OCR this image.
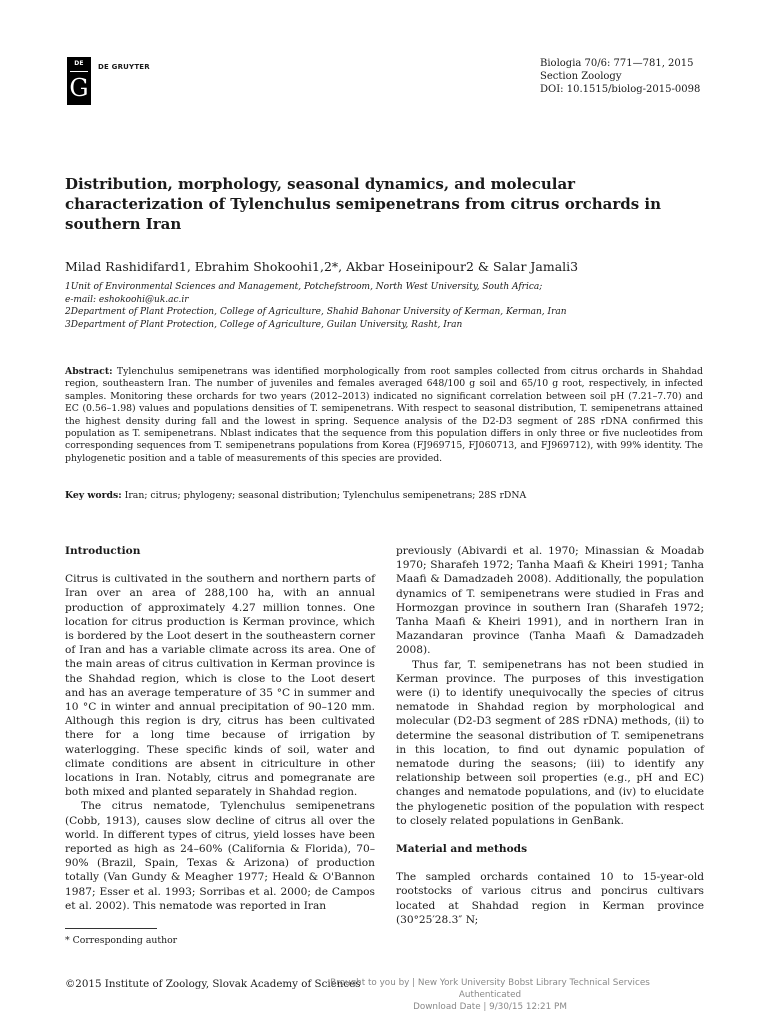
DE
G
DE GRUYTER	Biologia 70/6: 771—781, 2015
Section Zoology
DOI: 10.1515/biolog-2015-0098
Distribution, morphology, seasonal dynamics, and molecular characterization of Tylenchulus semipenetrans from citrus orchards in southern Iran
Milad Rashidifard1, Ebrahim Shokoohi1,2*, Akbar Hoseinipour2 & Salar Jamali3
1Unit of Environmental Sciences and Management, Potchefstroom, North West University, South Africa;
e-mail: eshokoohi@uk.ac.ir
2Department of Plant Protection, College of Agriculture, Shahid Bahonar University of Kerman, Kerman, Iran
3Department of Plant Protection, College of Agriculture, Guilan University, Rasht, Iran
Abstract: Tylenchulus semipenetrans was identified morphologically from root samples collected from citrus orchards in Shahdad region, southeastern Iran. The number of juveniles and females averaged 648/100 g soil and 65/10 g root, respectively, in infected samples. Monitoring these orchards for two years (2012–2013) indicated no significant correlation between soil pH (7.21–7.70) and EC (0.56–1.98) values and populations densities of T. semipenetrans. With respect to seasonal distribution, T. semipenetrans attained the highest density during fall and the lowest in spring. Sequence analysis of the D2-D3 segment of 28S rDNA confirmed this population as T. semipenetrans. Nblast indicates that the sequence from this population differs in only three or five nucleotides from corresponding sequences from T. semipenetrans populations from Korea (FJ969715, FJ060713, and FJ969712), with 99% identity. The phylogenetic position and a table of measurements of this species are provided.
Key words: Iran; citrus; phylogeny; seasonal distribution; Tylenchulus semipenetrans; 28S rDNA
Introduction

Citrus is cultivated in the southern and northern parts of Iran over an area of 288,100 ha, with an annual production of approximately 4.27 million tonnes. One location for citrus production is Kerman province, which is bordered by the Loot desert in the southeastern corner of Iran and has a variable climate across its area. One of the main areas of citrus cultivation in Kerman province is the Shahdad region, which is close to the Loot desert and has an average temperature of 35 °C in summer and 10 °C in winter and annual precipitation of 90–120 mm. Although this region is dry, citrus has been cultivated there for a long time because of irrigation by waterlogging. These specific kinds of soil, water and climate conditions are absent in citriculture in other locations in Iran. Notably, citrus and pomegranate are both mixed and planted separately in Shahdad region.

The citrus nematode, Tylenchulus semipenetrans (Cobb, 1913), causes slow decline of citrus all over the world. In different types of citrus, yield losses have been reported as high as 24–60% (California & Florida), 70–90% (Brazil, Spain, Texas & Arizona) of production totally (Van Gundy & Meagher 1977; Heald & O'Bannon 1987; Esser et al. 1993; Sorribas et al. 2000; de Campos et al. 2002). This nematode was reported in Iran

previously (Abivardi et al. 1970; Minassian & Moadab 1970; Sharafeh 1972; Tanha Maafi & Kheiri 1991; Tanha Maafi & Damadzadeh 2008). Additionally, the population dynamics of T. semipenetrans were studied in Fras and Hormozgan province in southern Iran (Sharafeh 1972; Tanha Maafi & Kheiri 1991), and in northern Iran in Mazandaran province (Tanha Maafi & Damadzadeh 2008).

Thus far, T. semipenetrans has not been studied in Kerman province. The purposes of this investigation were (i) to identify unequivocally the species of citrus nematode in Shahdad region by morphological and molecular (D2-D3 segment of 28S rDNA) methods, (ii) to determine the seasonal distribution of T. semipenetrans in this location, to find out dynamic population of nematode during the seasons; (iii) to identify any relationship between soil properties (e.g., pH and EC) changes and nematode populations, and (iv) to elucidate the phylogenetic position of the population with respect to closely related populations in GenBank.

Material and methods

The sampled orchards contained 10 to 15-year-old rootstocks of various citrus and poncirus cultivars located at Shahdad region in Kerman province (30°25′28.3″ N;

* Corresponding author
©2015 Institute of Zoology, Slovak Academy of Sciences
Brought to you by | New York University Bobst Library Technical Services
Authenticated
Download Date | 9/30/15 12:21 PM
